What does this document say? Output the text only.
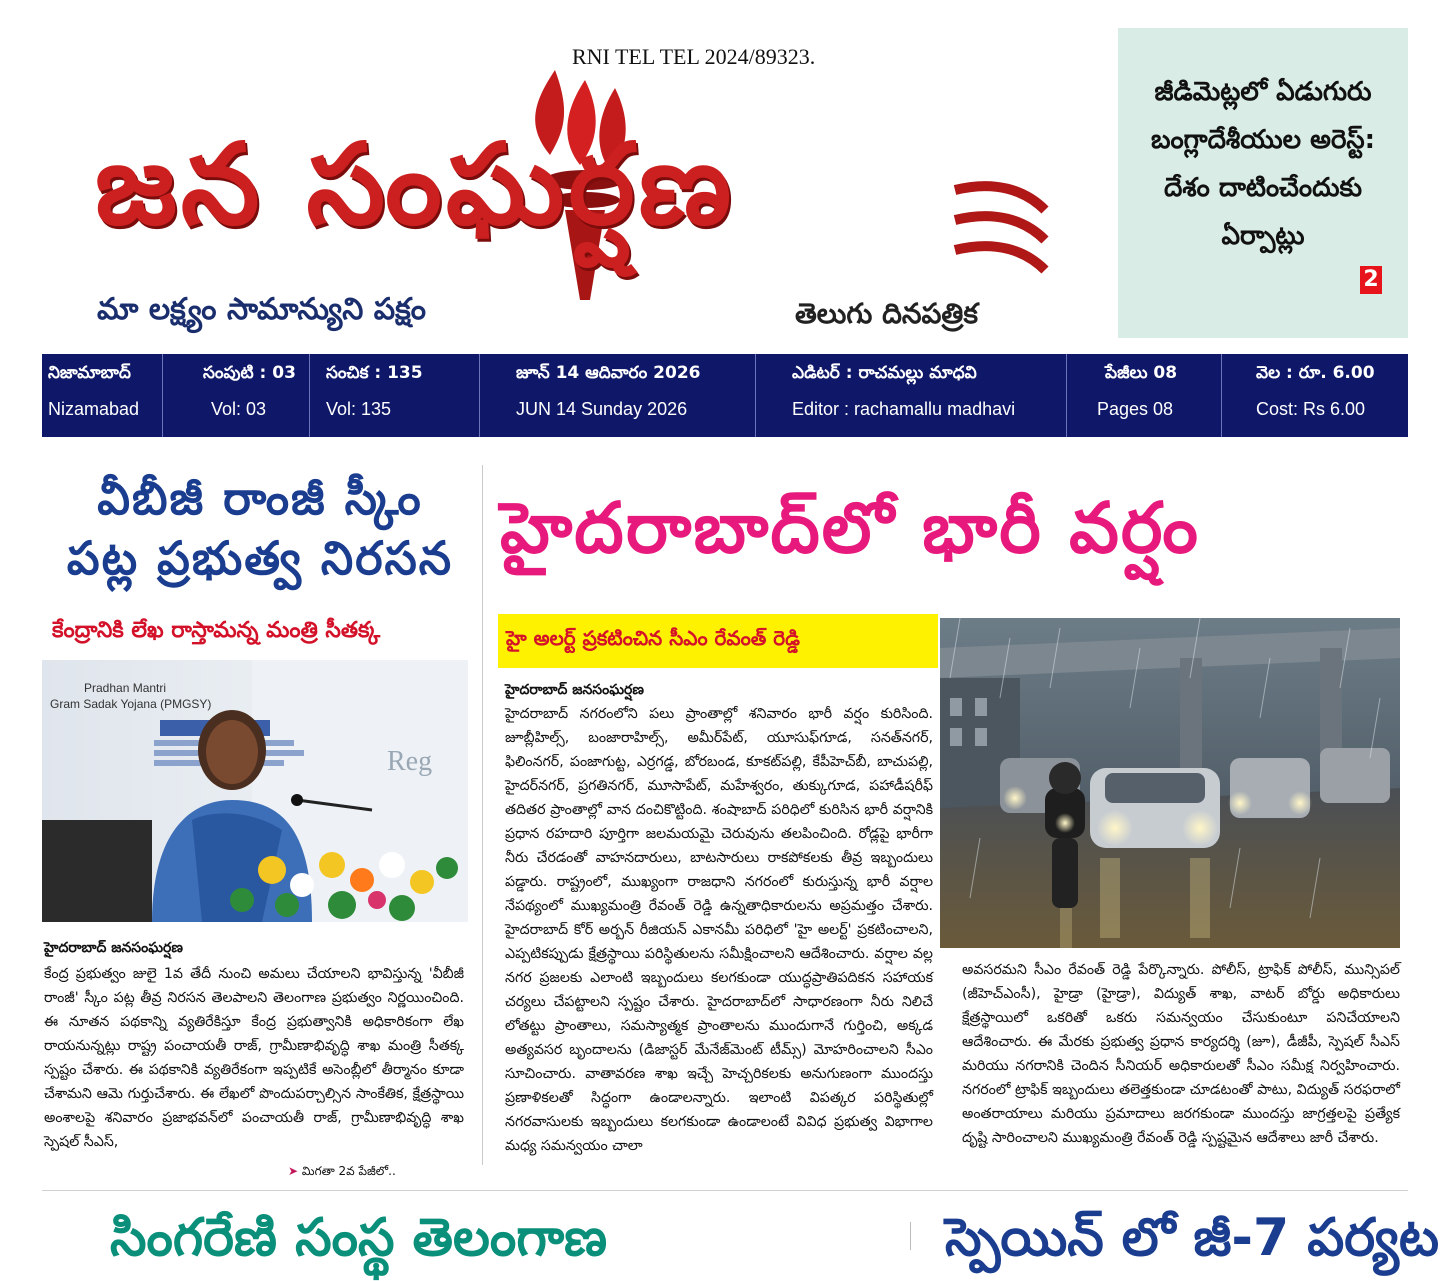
RNI TEL TEL 2024/89323.
జన సంఘర్షణ
మా లక్ష్యం సామాన్యుని పక్షం	తెలుగు దినపత్రిక
జీడిమెట్లలో ఏడుగురు బంగ్లాదేశీయుల అరెస్ట్: దేశం దాటించేందుకు ఏర్పాట్లు
2
నిజామాబాద్
Nizamabad
సంపుటి : 03
Vol: 03
సంచిక : 135
Vol: 135
జూన్ 14 ఆదివారం 2026
JUN 14 Sunday 2026
ఎడిటర్ : రాచమల్లు మాధవి
Editor : rachamallu madhavi
పేజీలు 08
Pages 08
వెల : రూ. 6.00
Cost: Rs 6.00
వీబీజీ రాంజీ స్కీం
పట్ల ప్రభుత్వ నిరసన
కేంద్రానికి లేఖ రాస్తామన్న మంత్రి సీతక్క
Pradhan Mantri
Gram Sadak Yojana (PMGSY)
Reg
హైదరాబాద్ జనసంఘర్షణ
కేంద్ర ప్రభుత్వం జులై 1వ తేదీ నుంచి అమలు చేయాలని భావిస్తున్న 'వీబీజీ రాంజీ' స్కీం పట్ల తీవ్ర నిరసన తెలపాలని తెలంగాణ ప్రభుత్వం నిర్ణయించింది. ఈ నూతన పథకాన్ని వ్యతిరేకిస్తూ కేంద్ర ప్రభుత్వానికి అధికారికంగా లేఖ రాయనున్నట్లు రాష్ట్ర పంచాయతీ రాజ్, గ్రామీణాభివృద్ధి శాఖ మంత్రి సీతక్క స్పష్టం చేశారు. ఈ పథకానికి వ్యతిరేకంగా ఇప్పటికే అసెంబ్లీలో తీర్మానం కూడా చేశామని ఆమె గుర్తుచేశారు. ఈ లేఖలో పొందుపర్చాల్సిన సాంకేతిక, క్షేత్రస్థాయి అంశాలపై శనివారం ప్రజాభవన్‌లో పంచాయతీ రాజ్, గ్రామీణాభివృద్ధి శాఖ స్పెషల్ సీఎస్,
➤ మిగతా 2వ పేజీలో..
హైదరాబాద్‌లో భారీ వర్షం
హై అలర్ట్ ప్రకటించిన సీఎం రేవంత్ రెడ్డి
హైదరాబాద్ జనసంఘర్షణ
హైదరాబాద్ నగరంలోని పలు ప్రాంతాల్లో శనివారం భారీ వర్షం కురిసింది. జూబ్లీహిల్స్, బంజారాహిల్స్, అమీర్‌పేట్, యూసుఫ్‌గూడ, సనత్‌నగర్, ఫిలింనగర్, పంజాగుట్ట, ఎర్రగడ్డ, బోరబండ, కూకట్‌పల్లి, కేపీహెచ్‌బీ, బాచుపల్లి, హైదర్‌నగర్, ప్రగతినగర్, మూసాపేట్, మహేశ్వరం, తుక్కుగూడ, పహాడీషరీఫ్ తదితర ప్రాంతాల్లో వాన దంచికొట్టింది. శంషాబాద్ పరిధిలో కురిసిన భారీ వర్షానికి ప్రధాన రహదారి పూర్తిగా జలమయమై చెరువును తలపించింది. రోడ్లపై భారీగా నీరు చేరడంతో వాహనదారులు, బాటసారులు రాకపోకలకు తీవ్ర ఇబ్బందులు పడ్డారు. రాష్ట్రంలో, ముఖ్యంగా రాజధాని నగరంలో కురుస్తున్న భారీ వర్షాల నేపథ్యంలో ముఖ్యమంత్రి రేవంత్ రెడ్డి ఉన్నతాధికారులను అప్రమత్తం చేశారు. హైదరాబాద్ కోర్ అర్బన్ రీజియన్ ఎకానమీ పరిధిలో 'హై అలర్ట్' ప్రకటించాలని, ఎప్పటికప్పుడు క్షేత్రస్థాయి పరిస్థితులను సమీక్షించాలని ఆదేశించారు. వర్షాల వల్ల నగర ప్రజలకు ఎలాంటి ఇబ్బందులు కలగకుండా యుద్ధప్రాతిపదికన సహాయక చర్యలు చేపట్టాలని స్పష్టం చేశారు. హైదరాబాద్‌లో సాధారణంగా నీరు నిలిచే లోతట్టు ప్రాంతాలు, సమస్యాత్మక ప్రాంతాలను ముందుగానే గుర్తించి, అక్కడ అత్యవసర బృందాలను (డిజాస్టర్ మేనేజ్‌మెంట్ టీమ్స్) మోహరించాలని సీఎం సూచించారు. వాతావరణ శాఖ ఇచ్చే హెచ్చరికలకు అనుగుణంగా ముందస్తు ప్రణాళికలతో సిద్ధంగా ఉండాలన్నారు. ఇలాంటి విపత్కర పరిస్థితుల్లో నగరవాసులకు ఇబ్బందులు కలగకుండా ఉండాలంటే వివిధ ప్రభుత్వ విభాగాల మధ్య సమన్వయం చాలా
అవసరమని సీఎం రేవంత్ రెడ్డి పేర్కొన్నారు. పోలీస్, ట్రాఫిక్ పోలీస్, మున్సిపల్ (జీహెచ్ఎంసీ), హైడ్రా (హైడ్రా), విద్యుత్ శాఖ, వాటర్ బోర్డు అధికారులు క్షేత్రస్థాయిలో ఒకరితో ఒకరు సమన్వయం చేసుకుంటూ పనిచేయాలని ఆదేశించారు. ఈ మేరకు ప్రభుత్వ ప్రధాన కార్యదర్శి (జూ), డీజీపీ, స్పెషల్ సీఎస్ మరియు నగరానికి చెందిన సీనియర్ అధికారులతో సీఎం సమీక్ష నిర్వహించారు. నగరంలో ట్రాఫిక్ ఇబ్బందులు తలెత్తకుండా చూడటంతో పాటు, విద్యుత్ సరఫరాలో అంతరాయాలు మరియు ప్రమాదాలు జరగకుండా ముందస్తు జాగ్రత్తలపై ప్రత్యేక దృష్టి సారించాలని ముఖ్యమంత్రి రేవంత్ రెడ్డి స్పష్టమైన ఆదేశాలు జారీ చేశారు.
సింగరేణి సంస్థ తెలంగాణ	స్పెయిన్ లో జీ-7 పర్యట
